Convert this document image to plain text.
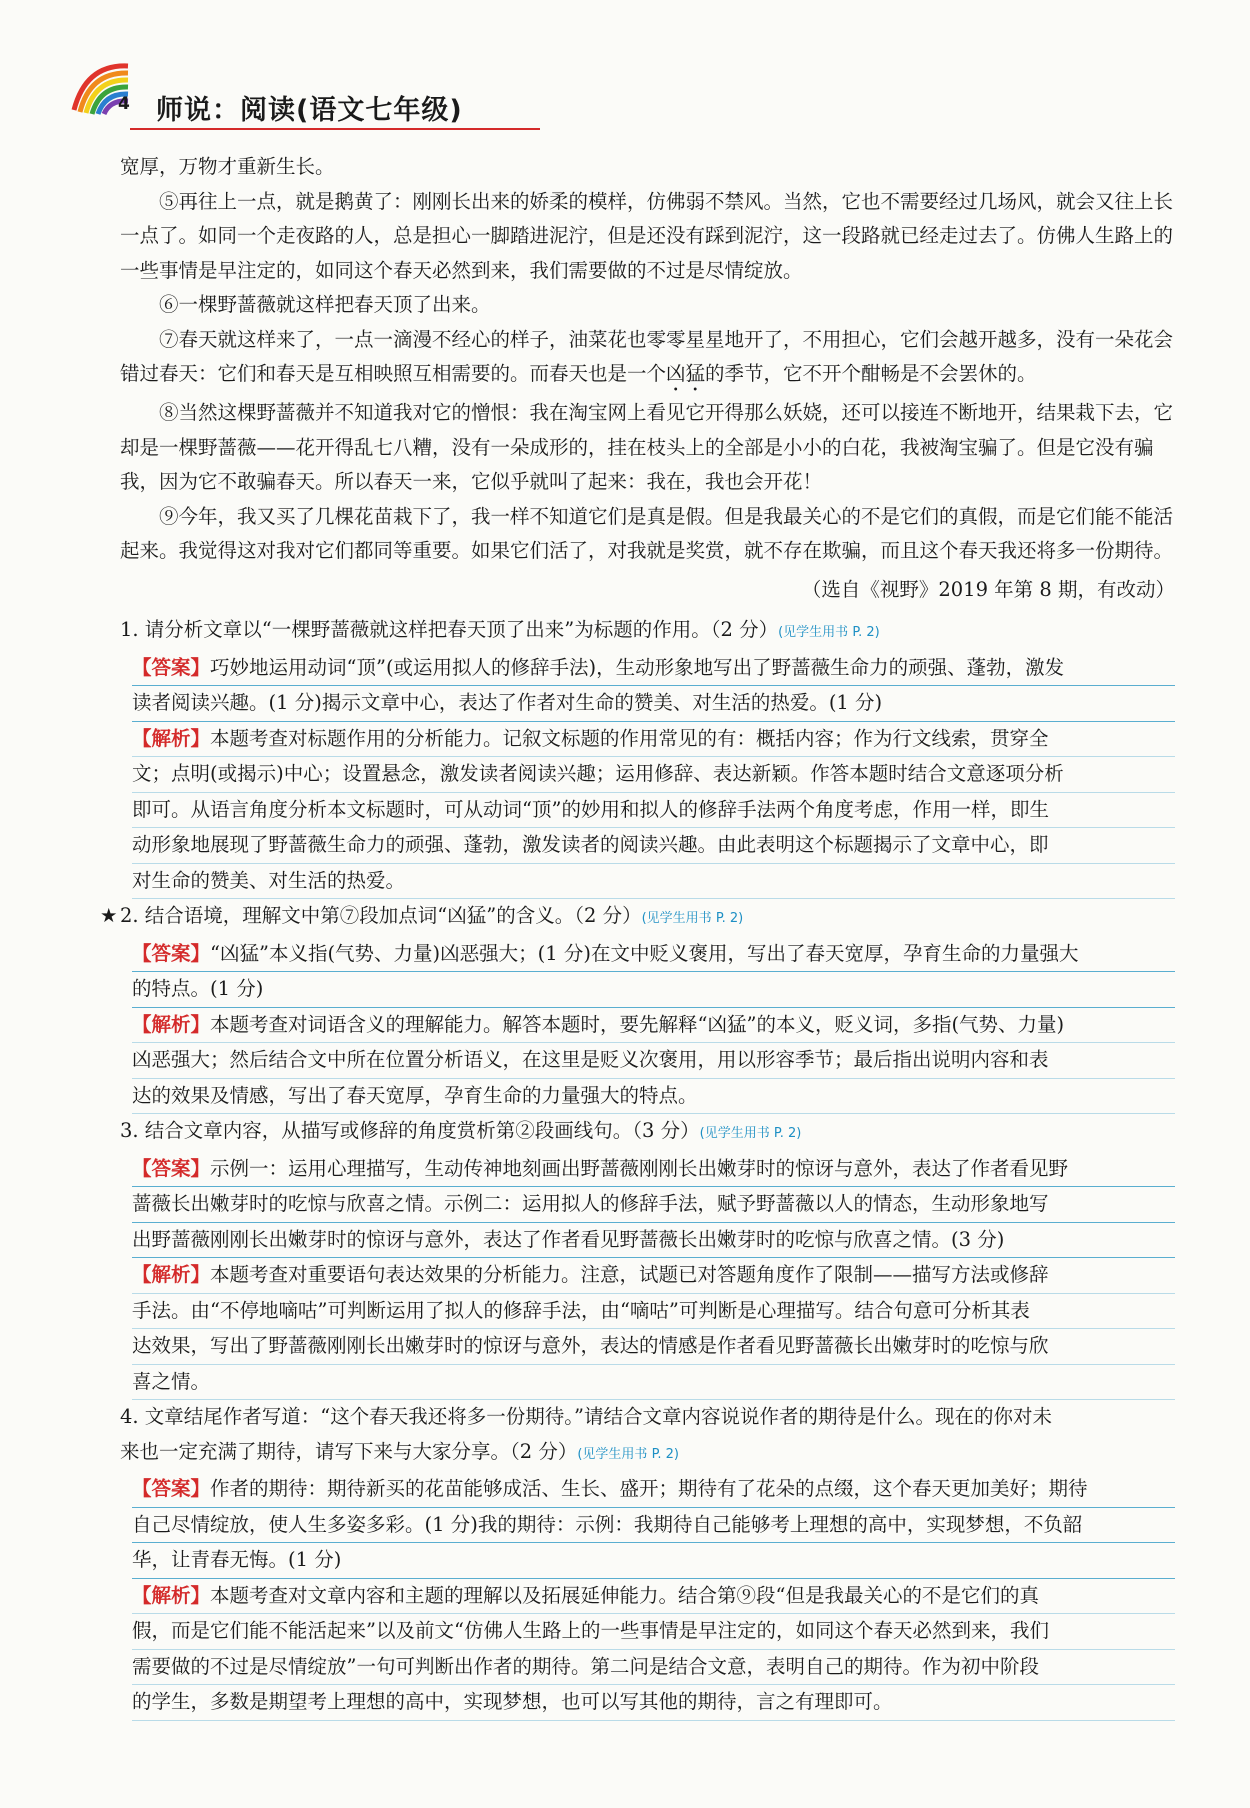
4 师说：阅读(语文七年级)

宽厚，万物才重新生长。

⑤再往上一点，就是鹅黄了：刚刚长出来的娇柔的模样，仿佛弱不禁风。当然，它也不需要经过几场风，就会又往上长一点了。如同一个走夜路的人，总是担心一脚踏进泥泞，但是还没有踩到泥泞，这一段路就已经走过去了。仿佛人生路上的一些事情是早注定的，如同这个春天必然到来，我们需要做的不过是尽情绽放。

⑥一棵野蔷薇就这样把春天顶了出来。

⑦春天就这样来了，一点一滴漫不经心的样子，油菜花也零零星星地开了，不用担心，它们会越开越多，没有一朵花会错过春天：它们和春天是互相映照互相需要的。而春天也是一个凶猛的季节，它不开个酣畅是不会罢休的。

⑧当然这棵野蔷薇并不知道我对它的憎恨：我在淘宝网上看见它开得那么妖娆，还可以接连不断地开，结果栽下去，它却是一棵野蔷薇——花开得乱七八糟，没有一朵成形的，挂在枝头上的全部是小小的白花，我被淘宝骗了。但是它没有骗我，因为它不敢骗春天。所以春天一来，它似乎就叫了起来：我在，我也会开花！

⑨今年，我又买了几棵花苗栽下了，我一样不知道它们是真是假。但是我最关心的不是它们的真假，而是它们能不能活起来。我觉得这对我对它们都同等重要。如果它们活了，对我就是奖赏，就不存在欺骗，而且这个春天我还将多一份期待。

（选自《视野》2019 年第 8 期，有改动）

1. 请分析文章以“一棵野蔷薇就这样把春天顶了出来”为标题的作用。（2 分）(见学生用书 P. 2)

【答案】巧妙地运用动词“顶”(或运用拟人的修辞手法)，生动形象地写出了野蔷薇生命力的顽强、蓬勃，激发
读者阅读兴趣。(1 分)揭示文章中心，表达了作者对生命的赞美、对生活的热爱。(1 分)
【解析】本题考查对标题作用的分析能力。记叙文标题的作用常见的有：概括内容；作为行文线索，贯穿全
文；点明(或揭示)中心；设置悬念，激发读者阅读兴趣；运用修辞、表达新颖。作答本题时结合文意逐项分析
即可。从语言角度分析本文标题时，可从动词“顶”的妙用和拟人的修辞手法两个角度考虑，作用一样，即生
动形象地展现了野蔷薇生命力的顽强、蓬勃，激发读者的阅读兴趣。由此表明这个标题揭示了文章中心，即
对生命的赞美、对生活的热爱。

★ 2. 结合语境，理解文中第⑦段加点词“凶猛”的含义。（2 分）(见学生用书 P. 2)

【答案】“凶猛”本义指(气势、力量)凶恶强大；(1 分)在文中贬义褒用，写出了春天宽厚，孕育生命的力量强大
的特点。(1 分)
【解析】本题考查对词语含义的理解能力。解答本题时，要先解释“凶猛”的本义，贬义词，多指(气势、力量)
凶恶强大；然后结合文中所在位置分析语义，在这里是贬义次褒用，用以形容季节；最后指出说明内容和表
达的效果及情感，写出了春天宽厚，孕育生命的力量强大的特点。

3. 结合文章内容，从描写或修辞的角度赏析第②段画线句。（3 分）(见学生用书 P. 2)

【答案】示例一：运用心理描写，生动传神地刻画出野蔷薇刚刚长出嫩芽时的惊讶与意外，表达了作者看见野
蔷薇长出嫩芽时的吃惊与欣喜之情。示例二：运用拟人的修辞手法，赋予野蔷薇以人的情态，生动形象地写
出野蔷薇刚刚长出嫩芽时的惊讶与意外，表达了作者看见野蔷薇长出嫩芽时的吃惊与欣喜之情。(3 分)
【解析】本题考查对重要语句表达效果的分析能力。注意，试题已对答题角度作了限制——描写方法或修辞
手法。由“不停地嘀咕”可判断运用了拟人的修辞手法，由“嘀咕”可判断是心理描写。结合句意可分析其表
达效果，写出了野蔷薇刚刚长出嫩芽时的惊讶与意外，表达的情感是作者看见野蔷薇长出嫩芽时的吃惊与欣
喜之情。

4. 文章结尾作者写道：“这个春天我还将多一份期待。”请结合文章内容说说作者的期待是什么。现在的你对未

来也一定充满了期待，请写下来与大家分享。（2 分）(见学生用书 P. 2)

【答案】作者的期待：期待新买的花苗能够成活、生长、盛开；期待有了花朵的点缀，这个春天更加美好；期待
自己尽情绽放，使人生多姿多彩。(1 分)我的期待：示例：我期待自己能够考上理想的高中，实现梦想，不负韶
华，让青春无悔。(1 分)
【解析】本题考查对文章内容和主题的理解以及拓展延伸能力。结合第⑨段“但是我最关心的不是它们的真
假，而是它们能不能活起来”以及前文“仿佛人生路上的一些事情是早注定的，如同这个春天必然到来，我们
需要做的不过是尽情绽放”一句可判断出作者的期待。第二问是结合文意，表明自己的期待。作为初中阶段
的学生，多数是期望考上理想的高中，实现梦想，也可以写其他的期待，言之有理即可。
